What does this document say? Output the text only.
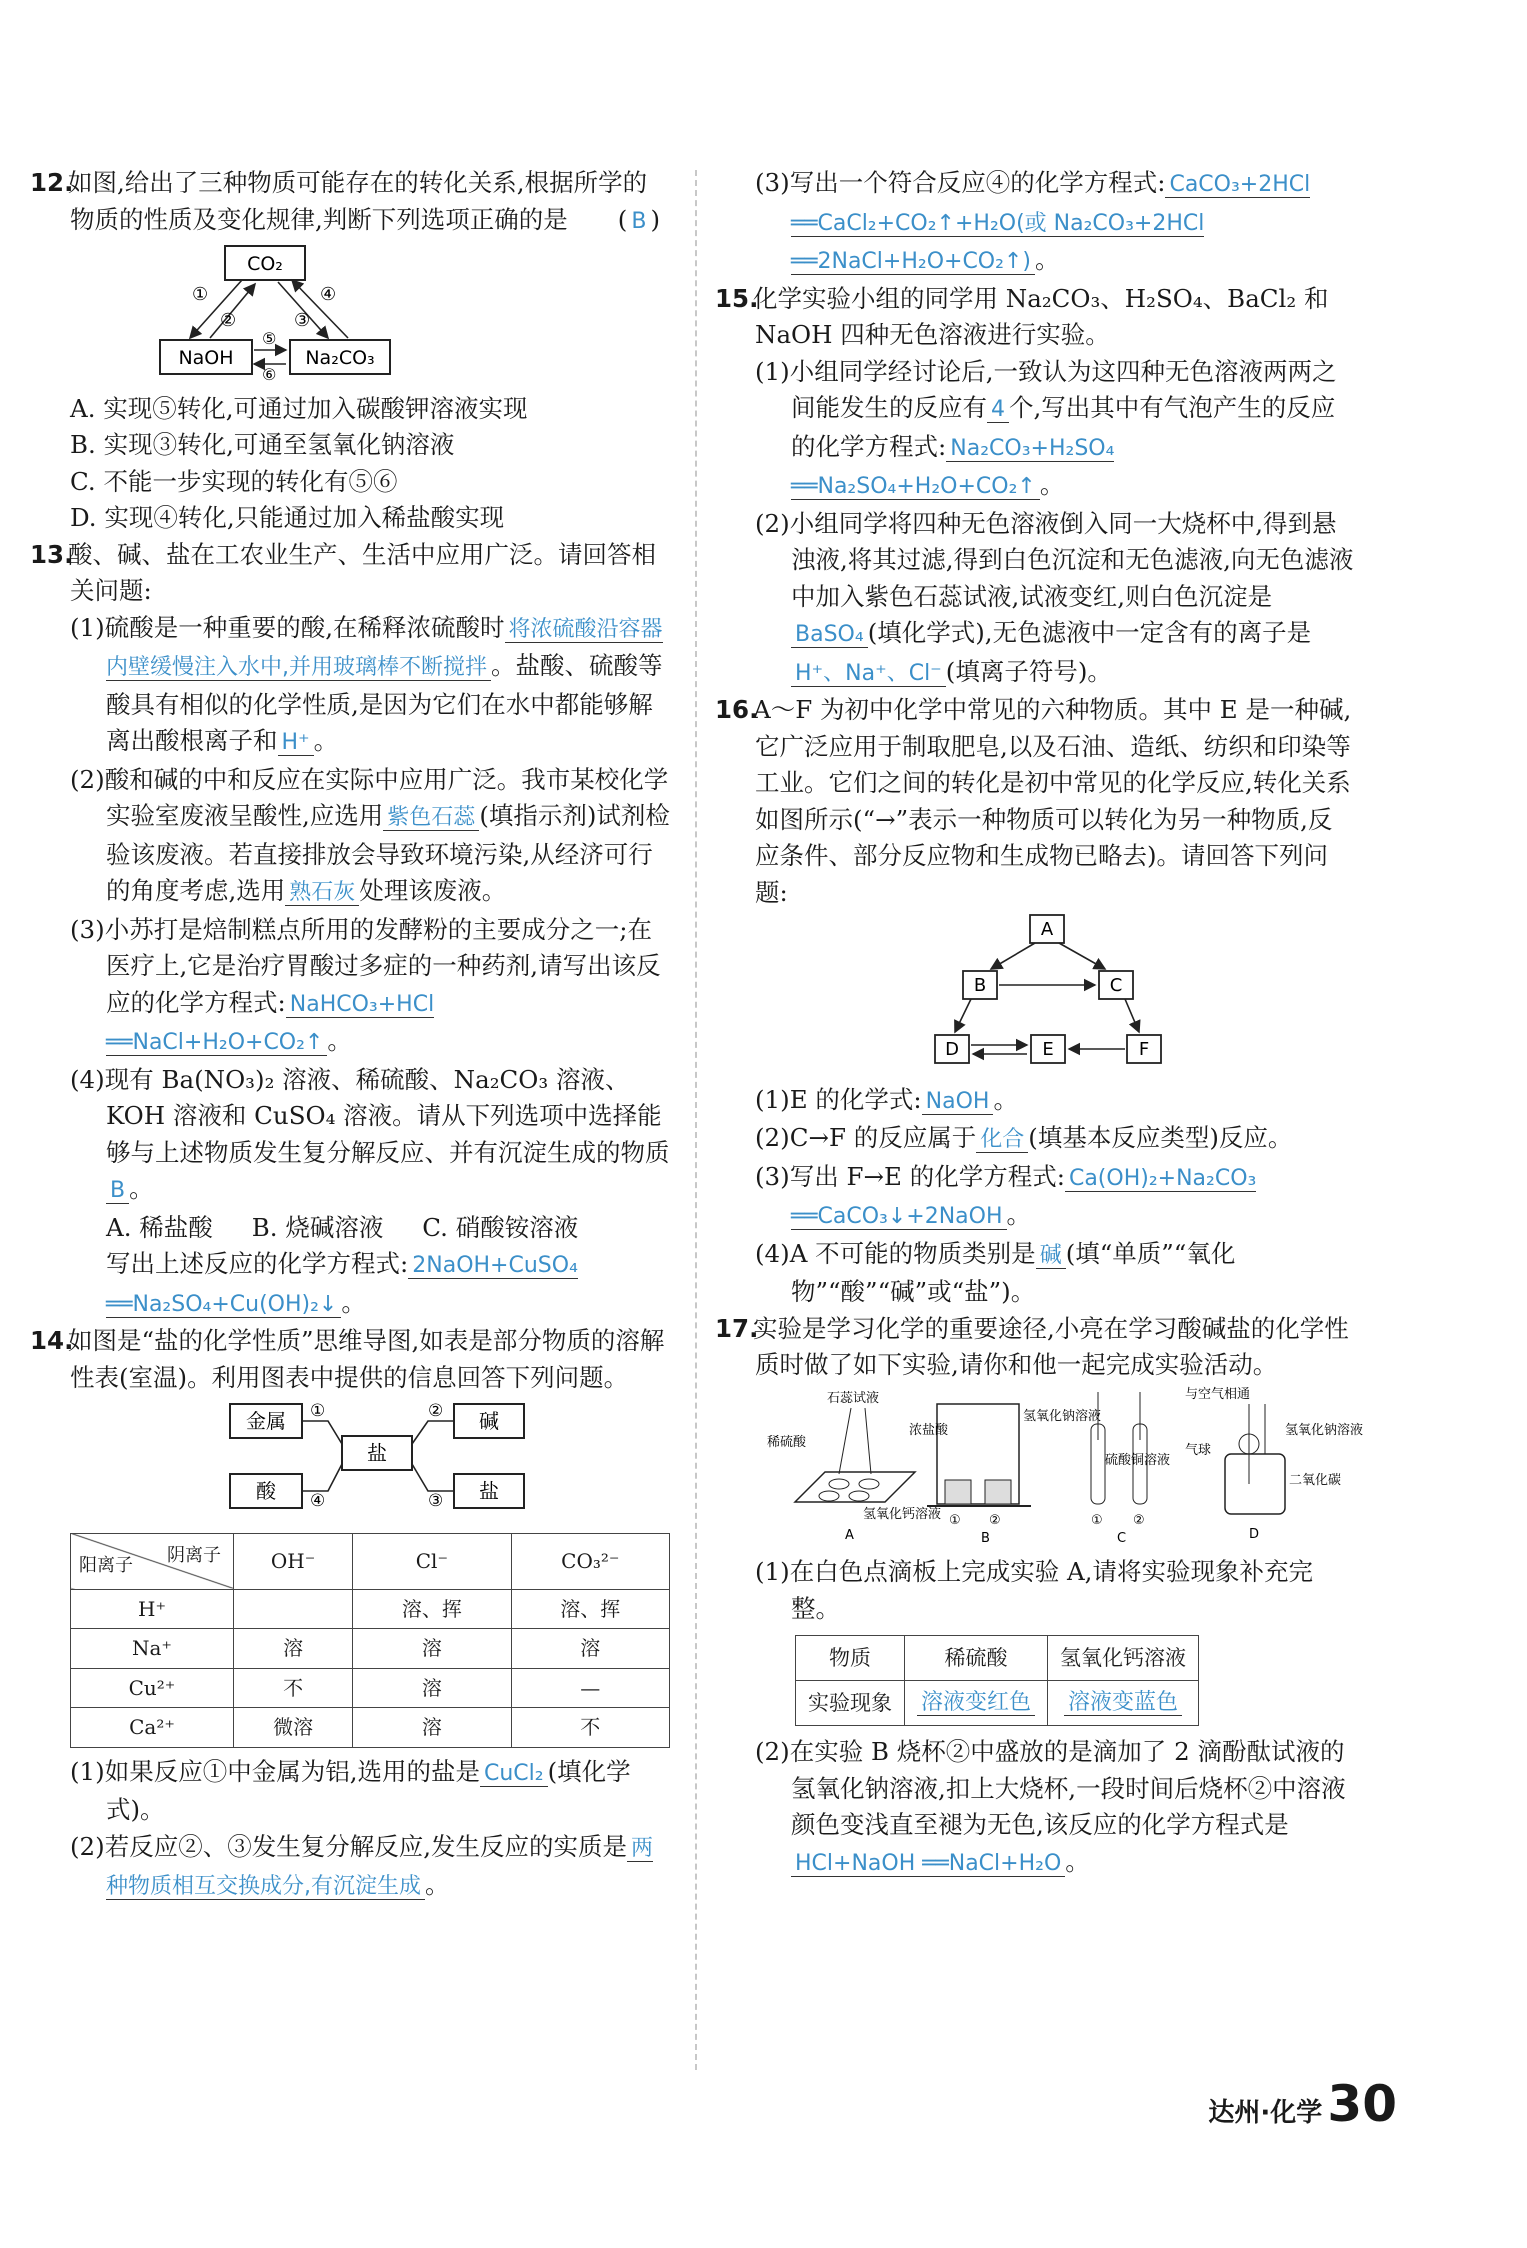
12.如图,给出了三种物质可能存在的转化关系,根据所学的物质的性质及变化规律,判断下列选项正确的是 ( B )

CO₂
NaOH	Na₂CO₃
①
②	③
④
⑤
⑥

A. 实现⑤转化,可通过加入碳酸钾溶液实现

B. 实现③转化,可通至氢氧化钠溶液

C. 不能一步实现的转化有⑤⑥

D. 实现④转化,只能通过加入稀盐酸实现

13.酸、碱、盐在工农业生产、生活中应用广泛。请回答相关问题:

(1)硫酸是一种重要的酸,在稀释浓硫酸时 将浓硫酸沿容器内壁缓慢注入水中,并用玻璃棒不断搅拌 。盐酸、硫酸等酸具有相似的化学性质,是因为它们在水中都能够解离出酸根离子和 H⁺ 。

(2)酸和碱的中和反应在实际中应用广泛。我市某校化学实验室废液呈酸性,应选用 紫色石蕊 (填指示剂)试剂检验该废液。若直接排放会导致环境污染,从经济可行的角度考虑,选用 熟石灰 处理该废液。

(3)小苏打是焙制糕点所用的发酵粉的主要成分之一;在医疗上,它是治疗胃酸过多症的一种药剂,请写出该反应的化学方程式: NaHCO₃+HCl ══NaCl+H₂O+CO₂↑ 。

(4)现有 Ba(NO₃)₂ 溶液、稀硫酸、Na₂CO₃ 溶液、KOH 溶液和 CuSO₄ 溶液。请从下列选项中选择能够与上述物质发生复分解反应、并有沉淀生成的物质B 。

A. 稀盐酸 B. 烧碱溶液 C. 硝酸铵溶液

写出上述反应的化学方程式: 2NaOH+CuSO₄ ══Na₂SO₄+Cu(OH)₂↓ 。

14.如图是“盐的化学性质”思维导图,如表是部分物质的溶解性表(室温)。利用图表中提供的信息回答下列问题。

金属	碱
盐
酸	盐
①	②
③
④
阴离子
阳离子	OH⁻	Cl⁻	CO₃²⁻
H⁺		溶、挥	溶、挥
Na⁺	溶	溶	溶
Cu²⁺	不	溶	—
Ca²⁺	微溶	溶	不

(1)如果反应①中金属为铝,选用的盐是 CuCl₂ (填化学式)。

(2)若反应②、③发生复分解反应,发生反应的实质是 两种物质相互交换成分,有沉淀生成 。

(3)写出一个符合反应④的化学方程式: CaCO₃+2HCl ══CaCl₂+CO₂↑+H₂O(或 Na₂CO₃+2HCl ══2NaCl+H₂O+CO₂↑) 。

15.化学实验小组的同学用 Na₂CO₃、H₂SO₄、BaCl₂ 和 NaOH 四种无色溶液进行实验。

(1)小组同学经讨论后,一致认为这四种无色溶液两两之间能发生的反应有 4 个,写出其中有气泡产生的反应的化学方程式: Na₂CO₃+H₂SO₄ ══Na₂SO₄+H₂O+CO₂↑ 。

(2)小组同学将四种无色溶液倒入同一大烧杯中,得到悬浊液,将其过滤,得到白色沉淀和无色滤液,向无色滤液中加入紫色石蕊试液,试液变红,则白色沉淀是BaSO₄ (填化学式),无色滤液中一定含有的离子是H⁺、Na⁺、Cl⁻ (填离子符号)。

16.A～F 为初中化学中常见的六种物质。其中 E 是一种碱,它广泛应用于制取肥皂,以及石油、造纸、纺织和印染等工业。它们之间的转化是初中常见的化学反应,转化关系如图所示(“→”表示一种物质可以转化为另一种物质,反应条件、部分反应物和生成物已略去)。请回答下列问题:

A
B	C
D	E	F

(1)E 的化学式: NaOH 。

(2)C→F 的反应属于 化合 (填基本反应类型)反应。

(3)写出 F→E 的化学方程式: Ca(OH)₂+Na₂CO₃ ══CaCO₃↓+2NaOH 。

(4)A 不可能的物质类别是 碱 (填“单质”“氧化物”“酸”“碱”或“盐”)。

17.实验是学习化学的重要途径,小亮在学习酸碱盐的化学性质时做了如下实验,请你和他一起完成实验活动。

石蕊试液
稀硫酸
氢氧化钙溶液
A
浓盐酸
氢氧化钠溶液
① ②
B
硫酸铜溶液
① ②
C
与空气相通
气球
氢氧化钠溶液
二氧化碳
D

(1)在白色点滴板上完成实验 A,请将实验现象补充完整。

物质	稀硫酸	氢氧化钙溶液
实验现象	溶液变红色	溶液变蓝色

(2)在实验 B 烧杯②中盛放的是滴加了 2 滴酚酞试液的氢氧化钠溶液,扣上大烧杯,一段时间后烧杯②中溶液颜色变浅直至褪为无色,该反应的化学方程式是HCl+NaOH ══NaCl+H₂O 。

达州·化学 30
